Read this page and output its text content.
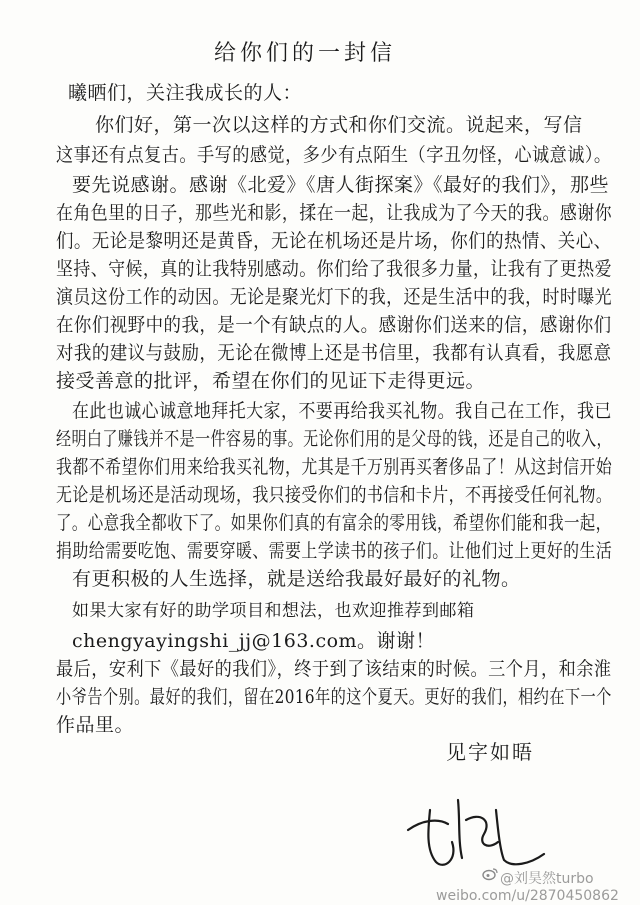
给你们的一封信
曦晒们，关注我成长的人：
你们好，第一次以这样的方式和你们交流。说起来，写信
这事还有点复古。手写的感觉，多少有点陌生（字丑勿怪，心诚意诚）。
要先说感谢。感谢《北爱》《唐人街探案》《最好的我们》，那些
在角色里的日子，那些光和影，揉在一起，让我成为了今天的我。感谢你
们。无论是黎明还是黄昏，无论在机场还是片场，你们的热情、关心、
坚持、守候，真的让我特别感动。你们给了我很多力量，让我有了更热爱
演员这份工作的动因。无论是聚光灯下的我，还是生活中的我，时时曝光
在你们视野中的我，是一个有缺点的人。感谢你们送来的信，感谢你们
对我的建议与鼓励，无论在微博上还是书信里，我都有认真看，我愿意
接受善意的批评，希望在你们的见证下走得更远。
在此也诚心诚意地拜托大家，不要再给我买礼物。我自己在工作，我已
经明白了赚钱并不是一件容易的事。无论你们用的是父母的钱，还是自己的收入，
我都不希望你们用来给我买礼物，尤其是千万别再买奢侈品了！从这封信开始
无论是机场还是活动现场，我只接受你们的书信和卡片，不再接受任何礼物。
了。心意我全都收下了。如果你们真的有富余的零用钱，希望你们能和我一起，
捐助给需要吃饱、需要穿暖、需要上学读书的孩子们。让他们过上更好的生活
有更积极的人生选择，就是送给我最好最好的礼物。
如果大家有好的助学项目和想法，也欢迎推荐到邮箱
chengyayingshi_jj@163.com。谢谢！
最后，安利下《最好的我们》，终于到了该结束的时候。三个月，和余淮
小爷告个别。最好的我们，留在2016年的这个夏天。更好的我们，相约在下一个
作品里。
见字如晤
@刘昊然turbo
weibo.com/u/2870450862
